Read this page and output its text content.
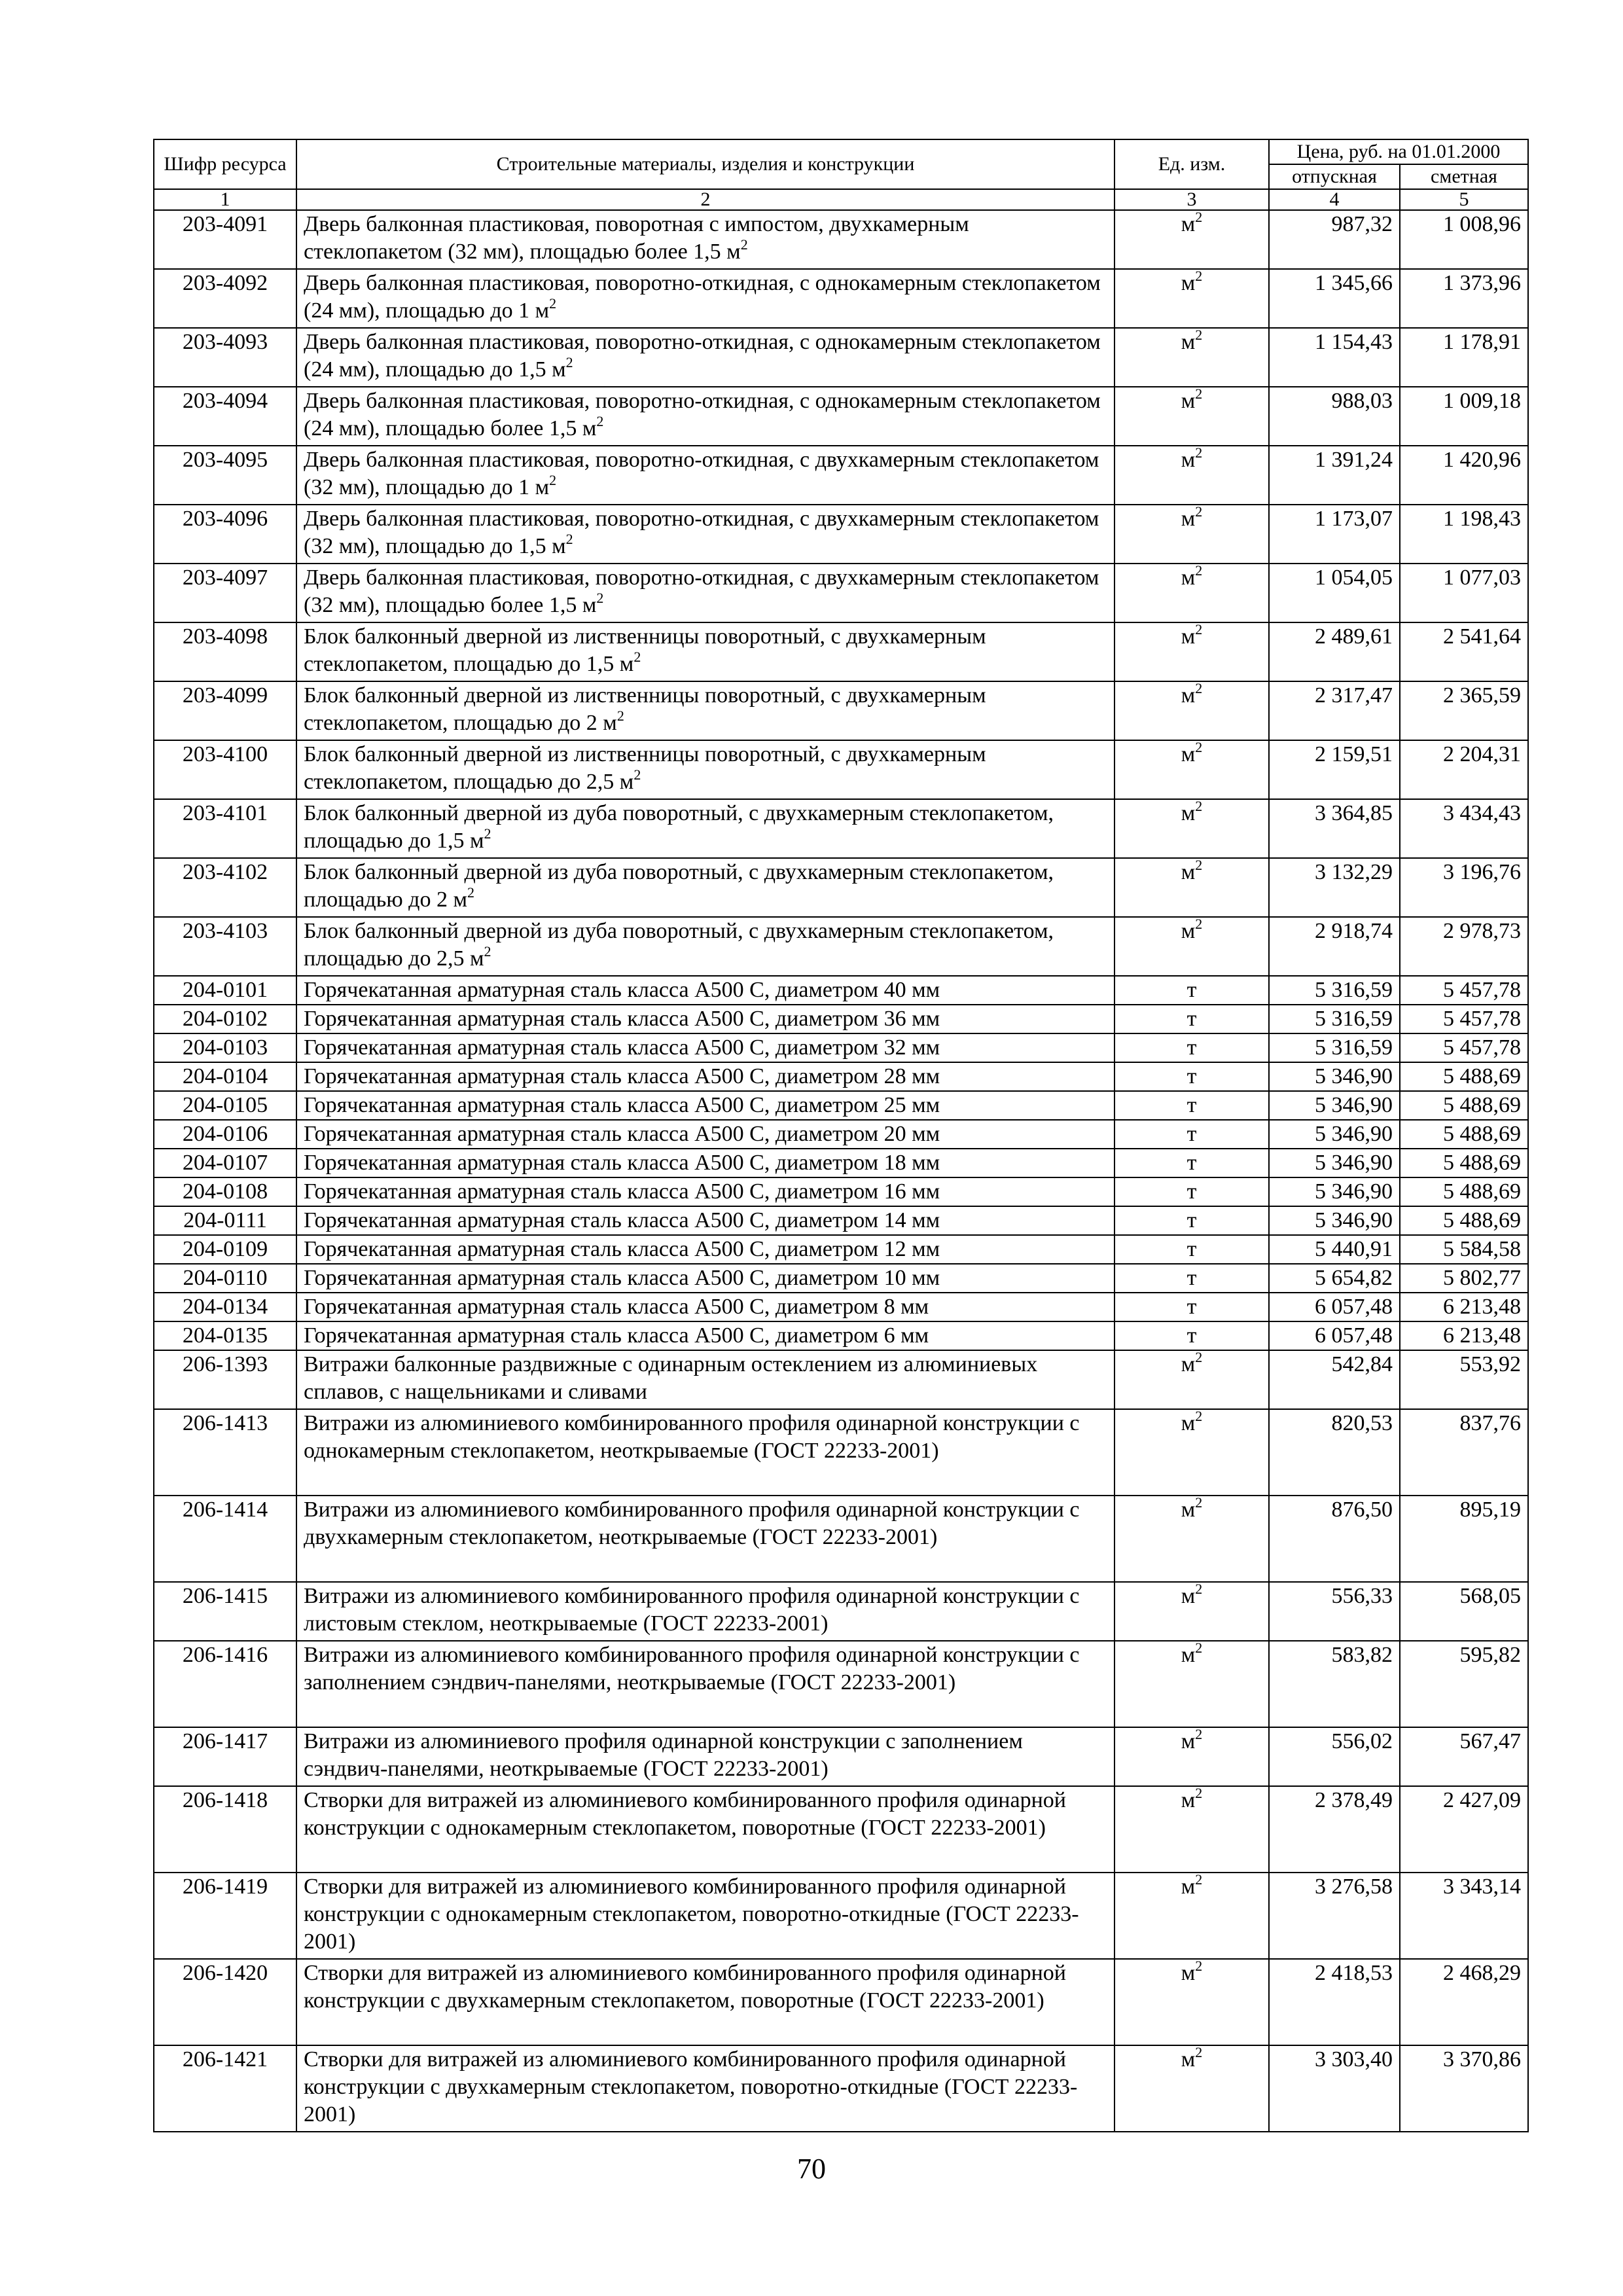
Шифр ресурса	Строительные материалы, изделия и конструкции	Ед. изм.	Цена, руб. на 01.01.2000	
			отпускная	сметная
1	2	3	4	5
203-4091	Дверь балконная пластиковая, поворотная с импостом, двухкамерным стеклопакетом (32 мм), площадью более 1,5 $м^2$	$м^2$	987,32	1 008,96
203-4092	Дверь балконная пластиковая, поворотно-откидная, с однокамерным стеклопакетом (24 мм), площадью до 1 $м^2$	$м^2$	1 345,66	1 373,96
203-4093	Дверь балконная пластиковая, поворотно-откидная, с однокамерным стеклопакетом (24 мм), площадью до 1,5 $м^2$	$м^2$	1 154,43	1 178,91
203-4094	Дверь балконная пластиковая, поворотно-откидная, с однокамерным стеклопакетом (24 мм), площадью более 1,5 $м^2$	$м^2$	988,03	1 009,18
203-4095	Дверь балконная пластиковая, поворотно-откидная, с двухкамерным стеклопакетом (32 мм), площадью до 1 $м^2$	$м^2$	1 391,24	1 420,96
203-4096	Дверь балконная пластиковая, поворотно-откидная, с двухкамерным стеклопакетом (32 мм), площадью до 1,5 $м^2$	$м^2$	1 173,07	1 198,43
203-4097	Дверь балконная пластиковая, поворотно-откидная, с двухкамерным стеклопакетом (32 мм), площадью более 1,5 $м^2$	$м^2$	1 054,05	1 077,03
203-4098	Блок балконный дверной из лиственницы поворотный, с двухкамерным стеклопакетом, площадью до 1,5 $м^2$	$м^2$	2 489,61	2 541,64
203-4099	Блок балконный дверной из лиственницы поворотный, с двухкамерным стеклопакетом, площадью до 2 $м^2$	$м^2$	2 317,47	2 365,59
203-4100	Блок балконный дверной из лиственницы поворотный, с двухкамерным стеклопакетом, площадью до 2,5 $м^2$	$м^2$	2 159,51	2 204,31
203-4101	Блок балконный дверной из дуба поворотный, с двухкамерным стеклопакетом, площадью до 1,5 $м^2$	$м^2$	3 364,85	3 434,43
203-4102	Блок балконный дверной из дуба поворотный, с двухкамерным стеклопакетом, площадью до 2 $м^2$	$м^2$	3 132,29	3 196,76
203-4103	Блок балконный дверной из дуба поворотный, с двухкамерным стеклопакетом, площадью до 2,5 $м^2$	$м^2$	2 918,74	2 978,73
204-0101	Горячекатанная арматурная сталь класса А500 С, диаметром 40 мм	т	5 316,59	5 457,78
204-0102	Горячекатанная арматурная сталь класса А500 С, диаметром 36 мм	т	5 316,59	5 457,78
204-0103	Горячекатанная арматурная сталь класса А500 С, диаметром 32 мм	т	5 316,59	5 457,78
204-0104	Горячекатанная арматурная сталь класса А500 С, диаметром 28 мм	т	5 346,90	5 488,69
204-0105	Горячекатанная арматурная сталь класса А500 С, диаметром 25 мм	т	5 346,90	5 488,69
204-0106	Горячекатанная арматурная сталь класса А500 С, диаметром 20 мм	т	5 346,90	5 488,69
204-0107	Горячекатанная арматурная сталь класса А500 С, диаметром 18 мм	т	5 346,90	5 488,69
204-0108	Горячекатанная арматурная сталь класса А500 С, диаметром 16 мм	т	5 346,90	5 488,69
204-0111	Горячекатанная арматурная сталь класса А500 С, диаметром 14 мм	т	5 346,90	5 488,69
204-0109	Горячекатанная арматурная сталь класса А500 С, диаметром 12 мм	т	5 440,91	5 584,58
204-0110	Горячекатанная арматурная сталь класса А500 С, диаметром 10 мм	т	5 654,82	5 802,77
204-0134	Горячекатанная арматурная сталь класса А500 С, диаметром 8 мм	т	6 057,48	6 213,48
204-0135	Горячекатанная арматурная сталь класса А500 С, диаметром 6 мм	т	6 057,48	6 213,48
206-1393	Витражи балконные раздвижные с одинарным остеклением из алюминиевых сплавов, с нащельниками и сливами	$м^2$	542,84	553,92
206-1413	Витражи из алюминиевого комбинированного профиля одинарной конструкции с однокамерным стеклопакетом, неоткрываемые (ГОСТ 22233-2001)	$м^2$	820,53	837,76
206-1414	Витражи из алюминиевого комбинированного профиля одинарной конструкции с двухкамерным стеклопакетом, неоткрываемые (ГОСТ 22233-2001)	$м^2$	876,50	895,19
206-1415	Витражи из алюминиевого комбинированного профиля одинарной конструкции с листовым стеклом, неоткрываемые (ГОСТ 22233-2001)	$м^2$	556,33	568,05
206-1416	Витражи из алюминиевого комбинированного профиля одинарной конструкции с заполнением сэндвич-панелями, неоткрываемые (ГОСТ 22233-2001)	$м^2$	583,82	595,82
206-1417	Витражи из алюминиевого профиля одинарной конструкции с заполнением сэндвич-панелями, неоткрываемые (ГОСТ 22233-2001)	$м^2$	556,02	567,47
206-1418	Створки для витражей из алюминиевого комбинированного профиля одинарной конструкции с однокамерным стеклопакетом, поворотные (ГОСТ 22233-2001)	$м^2$	2 378,49	2 427,09
206-1419	Створки для витражей из алюминиевого комбинированного профиля одинарной конструкции с однокамерным стеклопакетом, поворотно-откидные (ГОСТ 22233-2001)	$м^2$	3 276,58	3 343,14
206-1420	Створки для витражей из алюминиевого комбинированного профиля одинарной конструкции с двухкамерным стеклопакетом, поворотные (ГОСТ 22233-2001)	$м^2$	2 418,53	2 468,29
206-1421	Створки для витражей из алюминиевого комбинированного профиля одинарной конструкции с двухкамерным стеклопакетом, поворотно-откидные (ГОСТ 22233-2001)	$м^2$	3 303,40	3 370,86
70
